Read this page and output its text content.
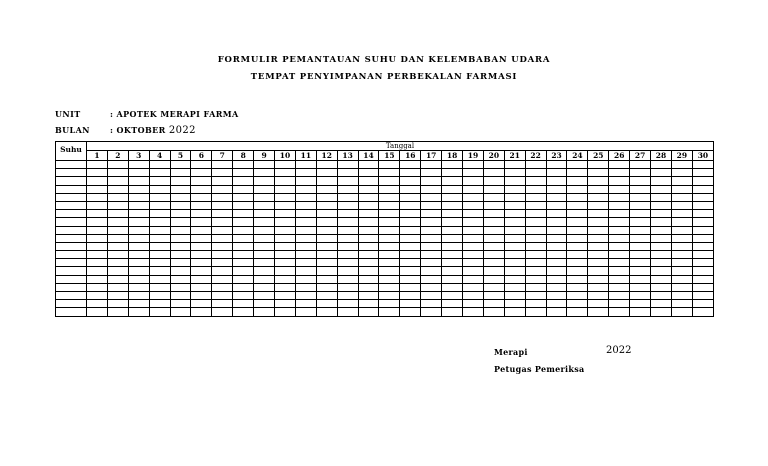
FORMULIR PEMANTAUAN SUHU DAN KELEMBABAN UDARA
TEMPAT PENYIMPANAN PERBEKALAN FARMASI
UNIT	: APOTEK MERAPI FARMA
BULAN	: OKTOBER 2022
Suhu	Tanggal																													
	1	2	3	4	5	6	7	8	9	10	11	12	13	14	15	16	17	18	19	20	21	22	23	24	25	26	27	28	29	30

Merapi	2022
Petugas Pemeriksa
